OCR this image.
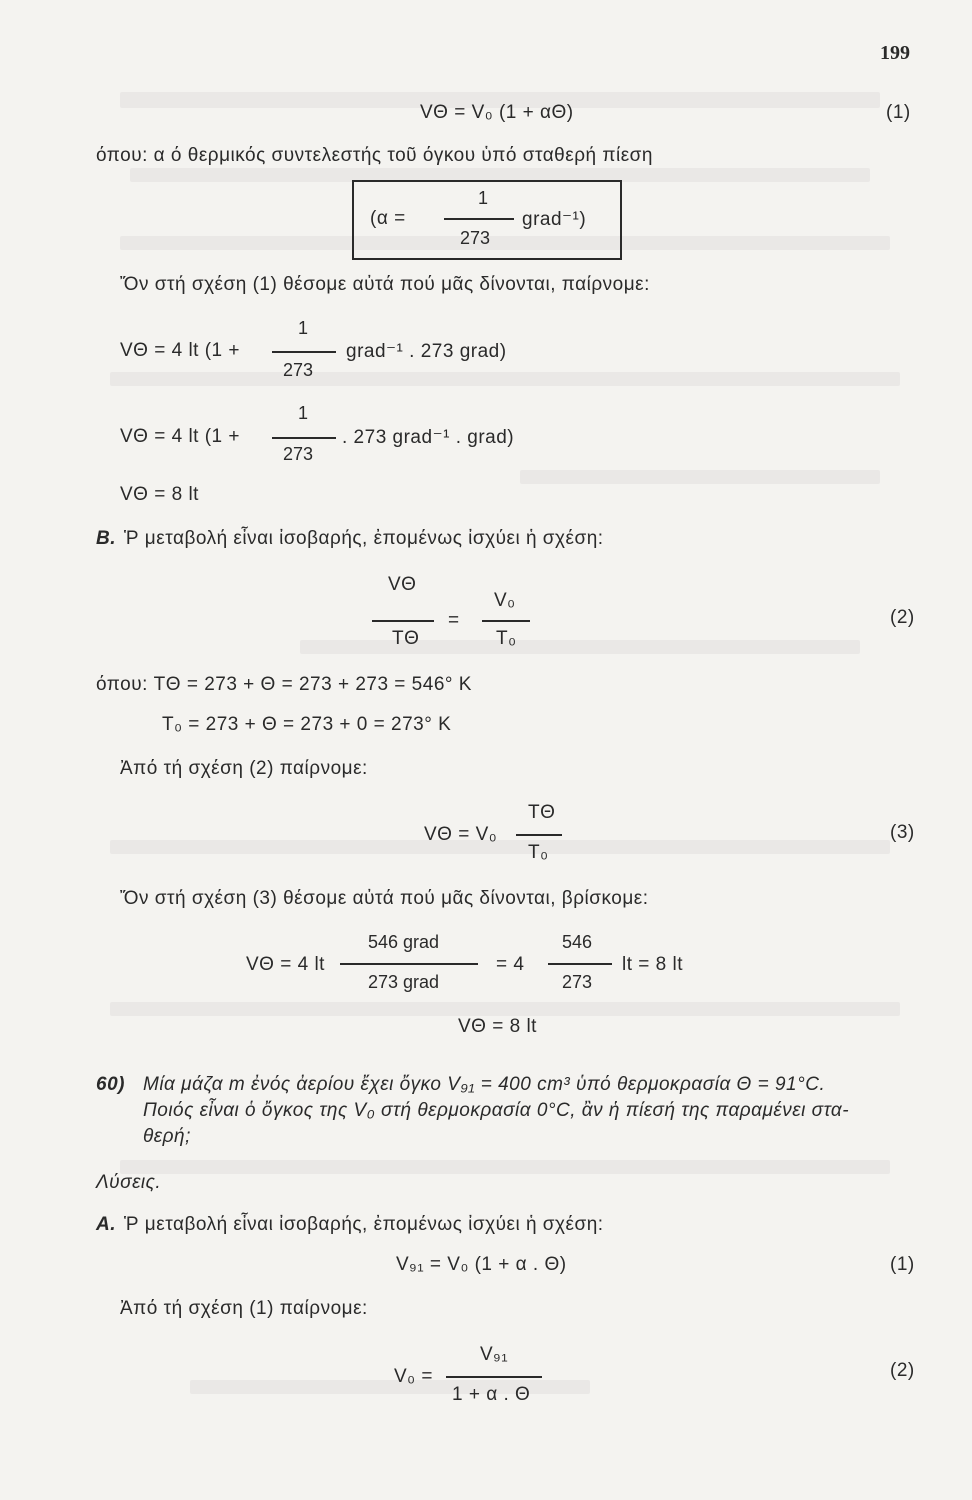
199
VΘ = V₀ (1 + αΘ)	(1)
όπου: α ό θερμικός συντελεστής τοῦ όγκου ὑπό σταθερή πίεση
(α =
1
273
grad⁻¹)
Ὄν στή σχέση (1) θέσομε αὐτά πού μᾶς δίνονται, παίρνομε:
VΘ = 4 lt (1 +
1
273
grad⁻¹ . 273 grad)
VΘ = 4 lt (1 +
1
273
. 273 grad⁻¹ . grad)
VΘ = 8 lt
Β. Ῥ μεταβολή εἶναι ἰσοβαρής, ἐπομένως ἰσχύει ἡ σχέση:
VΘ
TΘ
=
V₀
T₀
(2)
όπου: TΘ = 273 + Θ = 273 + 273 = 546° K
T₀ = 273 + Θ = 273 + 0 = 273° K
Ἀπό τή σχέση (2) παίρνομε:
VΘ = V₀
TΘ
T₀
(3)
Ὄν στή σχέση (3) θέσομε αὐτά πού μᾶς δίνονται, βρίσκομε:
VΘ = 4 lt
546 grad
273 grad
= 4
546
273
lt = 8 lt
VΘ = 8 lt
60) Μία μάζα m ἐνός ἀερίου ἔχει ὄγκο V₉₁ = 400 cm³ ὑπό θερμοκρασία Θ = 91°C.
Ποιός εἶναι ὁ ὄγκος της V₀ στή θερμοκρασία 0°C, ἂν ἡ πίεσή της παραμένει στα-
θερή;
Λύσεις.
Α. Ῥ μεταβολή εἶναι ἰσοβαρής, ἐπομένως ἰσχύει ἡ σχέση:
V₉₁ = V₀ (1 + α . Θ)	(1)
Ἀπό τή σχέση (1) παίρνομε:
V₀ =
V₉₁
1 + α . Θ
(2)
